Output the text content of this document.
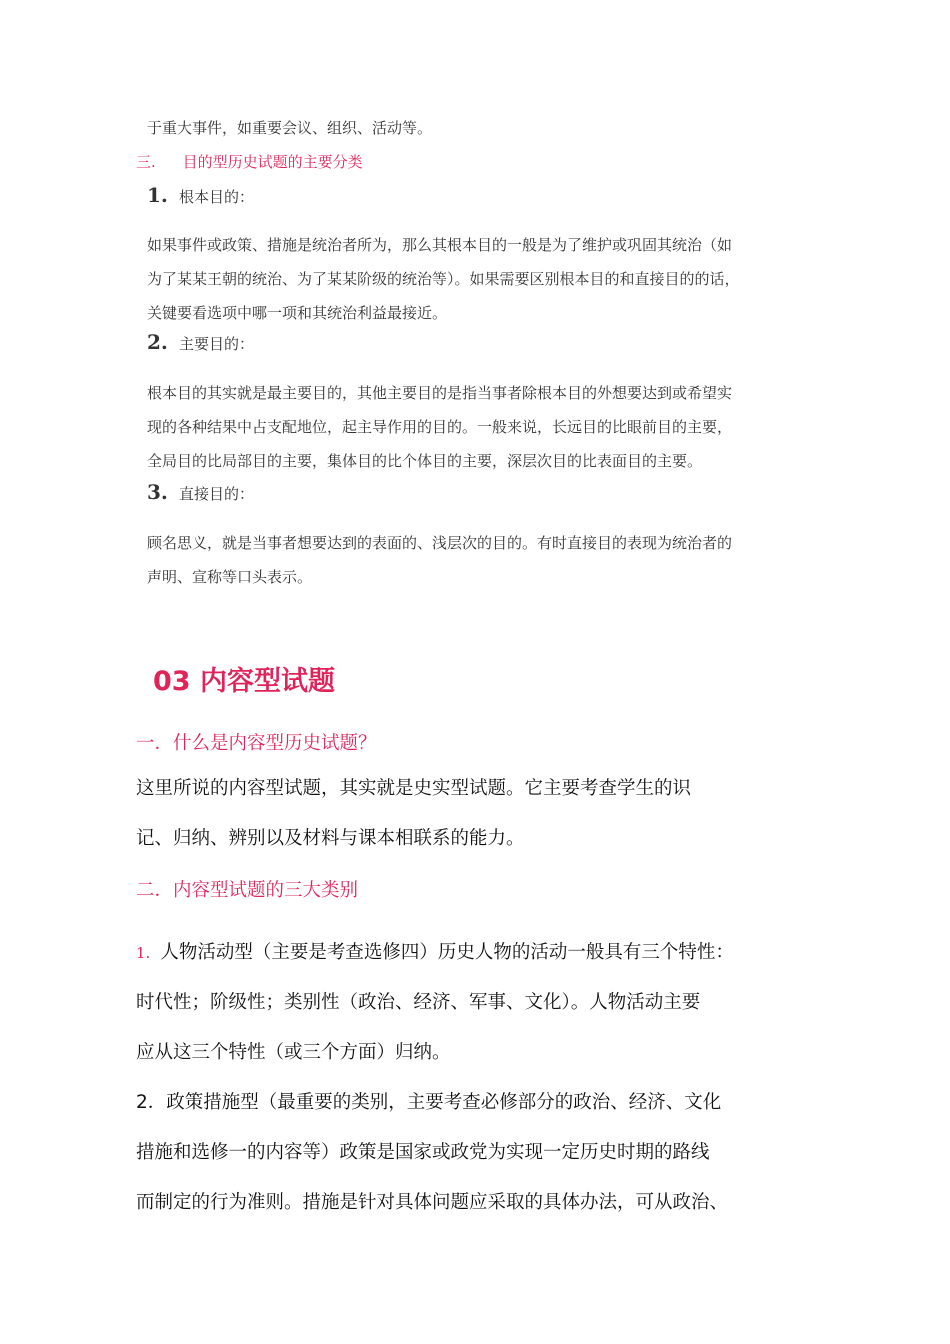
于重大事件，如重要会议、组织、活动等。
三. 目的型历史试题的主要分类
1. 根本目的：
如果事件或政策、措施是统治者所为，那么其根本目的一般是为了维护或巩固其统治（如
为了某某王朝的统治、为了某某阶级的统治等）。如果需要区别根本目的和直接目的的话，
关键要看选项中哪一项和其统治利益最接近。
2. 主要目的：
根本目的其实就是最主要目的，其他主要目的是指当事者除根本目的外想要达到或希望实
现的各种结果中占支配地位，起主导作用的目的。一般来说，长远目的比眼前目的主要，
全局目的比局部目的主要，集体目的比个体目的主要，深层次目的比表面目的主要。
3. 直接目的：
顾名思义，就是当事者想要达到的表面的、浅层次的目的。有时直接目的表现为统治者的
声明、宣称等口头表示。
03 内容型试题
一．什么是内容型历史试题？
这里所说的内容型试题，其实就是史实型试题。它主要考查学生的识
记、归纳、辨别以及材料与课本相联系的能力。
二．内容型试题的三大类别
1. 人物活动型（主要是考查选修四）历史人物的活动一般具有三个特性：
时代性；阶级性；类别性（政治、经济、军事、文化）。人物活动主要
应从这三个特性（或三个方面）归纳。
2．政策措施型（最重要的类别，主要考查必修部分的政治、经济、文化
措施和选修一的内容等）政策是国家或政党为实现一定历史时期的路线
而制定的行为准则。措施是针对具体问题应采取的具体办法，可从政治、
